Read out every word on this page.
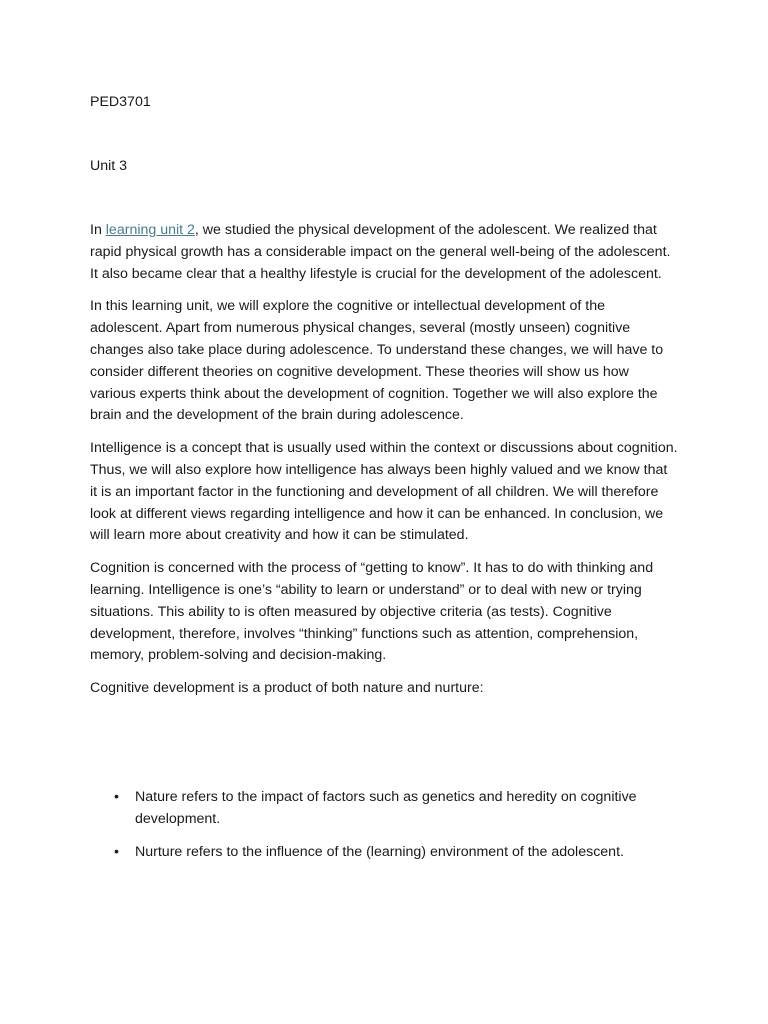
PED3701
Unit 3

In learning unit 2, we studied the physical development of the adolescent. We realized that rapid physical growth has a considerable impact on the general well-being of the adolescent. It also became clear that a healthy lifestyle is crucial for the development of the adolescent.

In this learning unit, we will explore the cognitive or intellectual development of the adolescent. Apart from numerous physical changes, several (mostly unseen) cognitive changes also take place during adolescence. To understand these changes, we will have to consider different theories on cognitive development. These theories will show us how various experts think about the development of cognition. Together we will also explore the brain and the development of the brain during adolescence.

Intelligence is a concept that is usually used within the context or discussions about cognition. Thus, we will also explore how intelligence has always been highly valued and we know that it is an important factor in the functioning and development of all children. We will therefore look at different views regarding intelligence and how it can be enhanced. In conclusion, we will learn more about creativity and how it can be stimulated.

Cognition is concerned with the process of “getting to know”. It has to do with thinking and learning. Intelligence is one’s “ability to learn or understand” or to deal with new or trying situations. This ability to is often measured by objective criteria (as tests). Cognitive development, therefore, involves “thinking” functions such as attention, comprehension, memory, problem-solving and decision-making.

Cognitive development is a product of both nature and nurture:

• Nature refers to the impact of factors such as genetics and heredity on cognitive development.
• Nurture refers to the influence of the (learning) environment of the adolescent.
